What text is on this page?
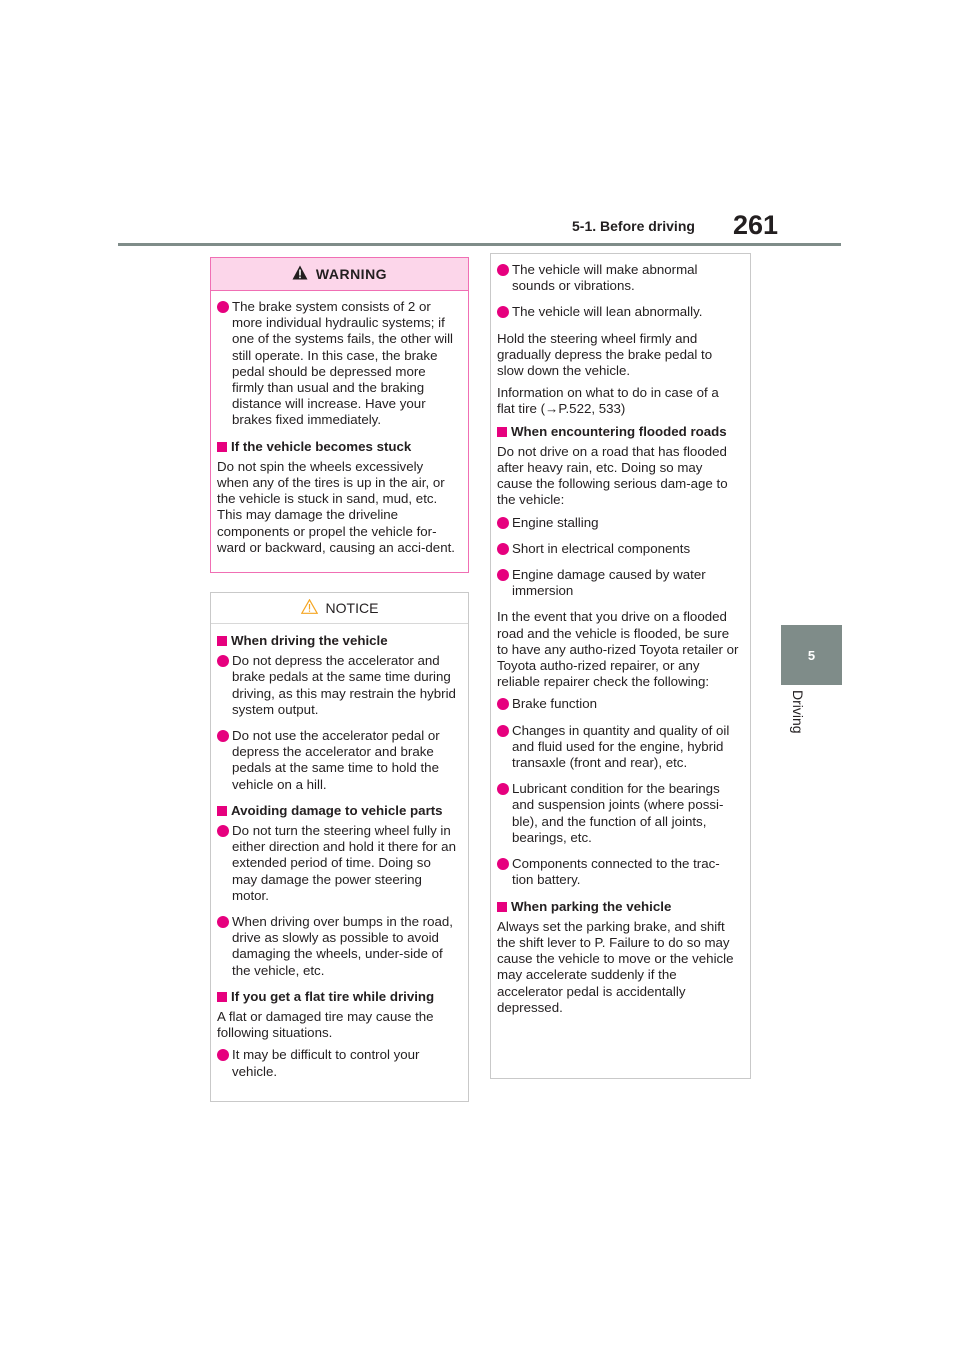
5-1. Before driving 261
5
Driving
WARNING
The brake system consists of 2 or more individual hydraulic systems; if one of the systems fails, the other will still operate. In this case, the brake pedal should be depressed more firmly than usual and the braking distance will increase. Have your brakes fixed immediately.
If the vehicle becomes stuck

Do not spin the wheels excessively when any of the tires is up in the air, or the vehicle is stuck in sand, mud, etc. This may damage the driveline components or propel the vehicle for-ward or backward, causing an acci-dent.

NOTICE
When driving the vehicle
Do not depress the accelerator and brake pedals at the same time during driving, as this may restrain the hybrid system output.
Do not use the accelerator pedal or depress the accelerator and brake pedals at the same time to hold the vehicle on a hill.
Avoiding damage to vehicle parts
Do not turn the steering wheel fully in either direction and hold it there for an extended period of time. Doing so may damage the power steering motor.
When driving over bumps in the road, drive as slowly as possible to avoid damaging the wheels, under-side of the vehicle, etc.
If you get a flat tire while driving

A flat or damaged tire may cause the following situations.

It may be difficult to control your vehicle.
The vehicle will make abnormal sounds or vibrations.
The vehicle will lean abnormally.

Hold the steering wheel firmly and gradually depress the brake pedal to slow down the vehicle.

Information on what to do in case of a flat tire (→P.522, 533)

When encountering flooded roads

Do not drive on a road that has flooded after heavy rain, etc. Doing so may cause the following serious dam-age to the vehicle:

Engine stalling
Short in electrical components
Engine damage caused by water immersion

In the event that you drive on a flooded road and the vehicle is flooded, be sure to have any autho-rized Toyota retailer or Toyota autho-rized repairer, or any reliable repairer check the following:

Brake function
Changes in quantity and quality of oil and fluid used for the engine, hybrid transaxle (front and rear), etc.
Lubricant condition for the bearings and suspension joints (where possi-ble), and the function of all joints, bearings, etc.
Components connected to the trac-tion battery.
When parking the vehicle

Always set the parking brake, and shift the shift lever to P. Failure to do so may cause the vehicle to move or the vehicle may accelerate suddenly if the accelerator pedal is accidentally depressed.
